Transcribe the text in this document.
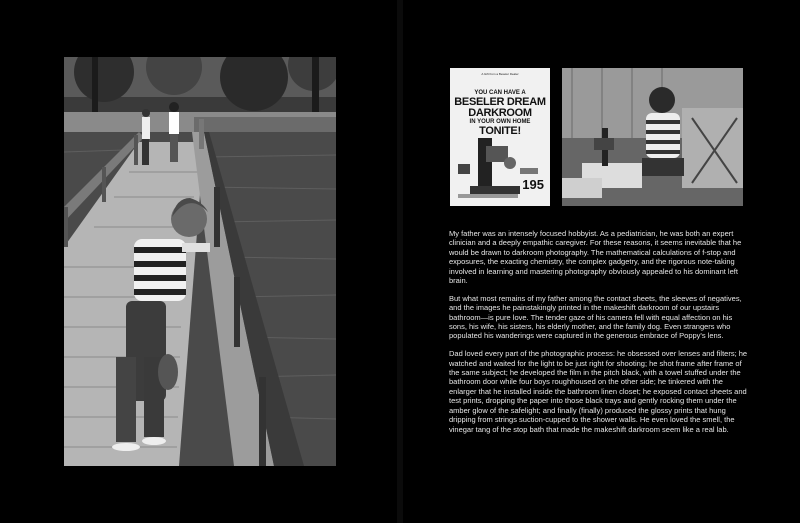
A Gift from a Beseler Dealer
YOU CAN HAVE A
BESELER DREAM
DARKROOM
IN YOUR OWN HOME
TONITE!
195

My father was an intensely focused hobbyist. As a pediatrician, he was both an expert clinician and a deeply empathic caregiver. For these reasons, it seems inevitable that he would be drawn to darkroom photography. The mathematical calculations of f-stop and exposures, the exacting chemistry, the complex gadgetry, and the rigorous note-taking involved in learning and mastering photography obviously appealed to his dominant left brain.

But what most remains of my father among the contact sheets, the sleeves of negatives, and the images he painstakingly printed in the makeshift darkroom of our upstairs bathroom—is pure love. The tender gaze of his camera fell with equal affection on his sons, his wife, his sisters, his elderly mother, and the family dog. Even strangers who populated his wanderings were captured in the generous embrace of Poppy's lens.

Dad loved every part of the photographic process: he obsessed over lenses and filters; he watched and waited for the light to be just right for shooting; he shot frame after frame of the same subject; he developed the film in the pitch black, with a towel stuffed under the bathroom door while four boys roughhoused on the other side; he tinkered with the enlarger that he installed inside the bathroom linen closet; he exposed contact sheets and test prints, dropping the paper into those black trays and gently rocking them under the amber glow of the safelight; and finally (finally) produced the glossy prints that hung dripping from strings suction-cupped to the shower walls. He even loved the smell, the vinegar tang of the stop bath that made the makeshift darkroom seem like a real lab.
